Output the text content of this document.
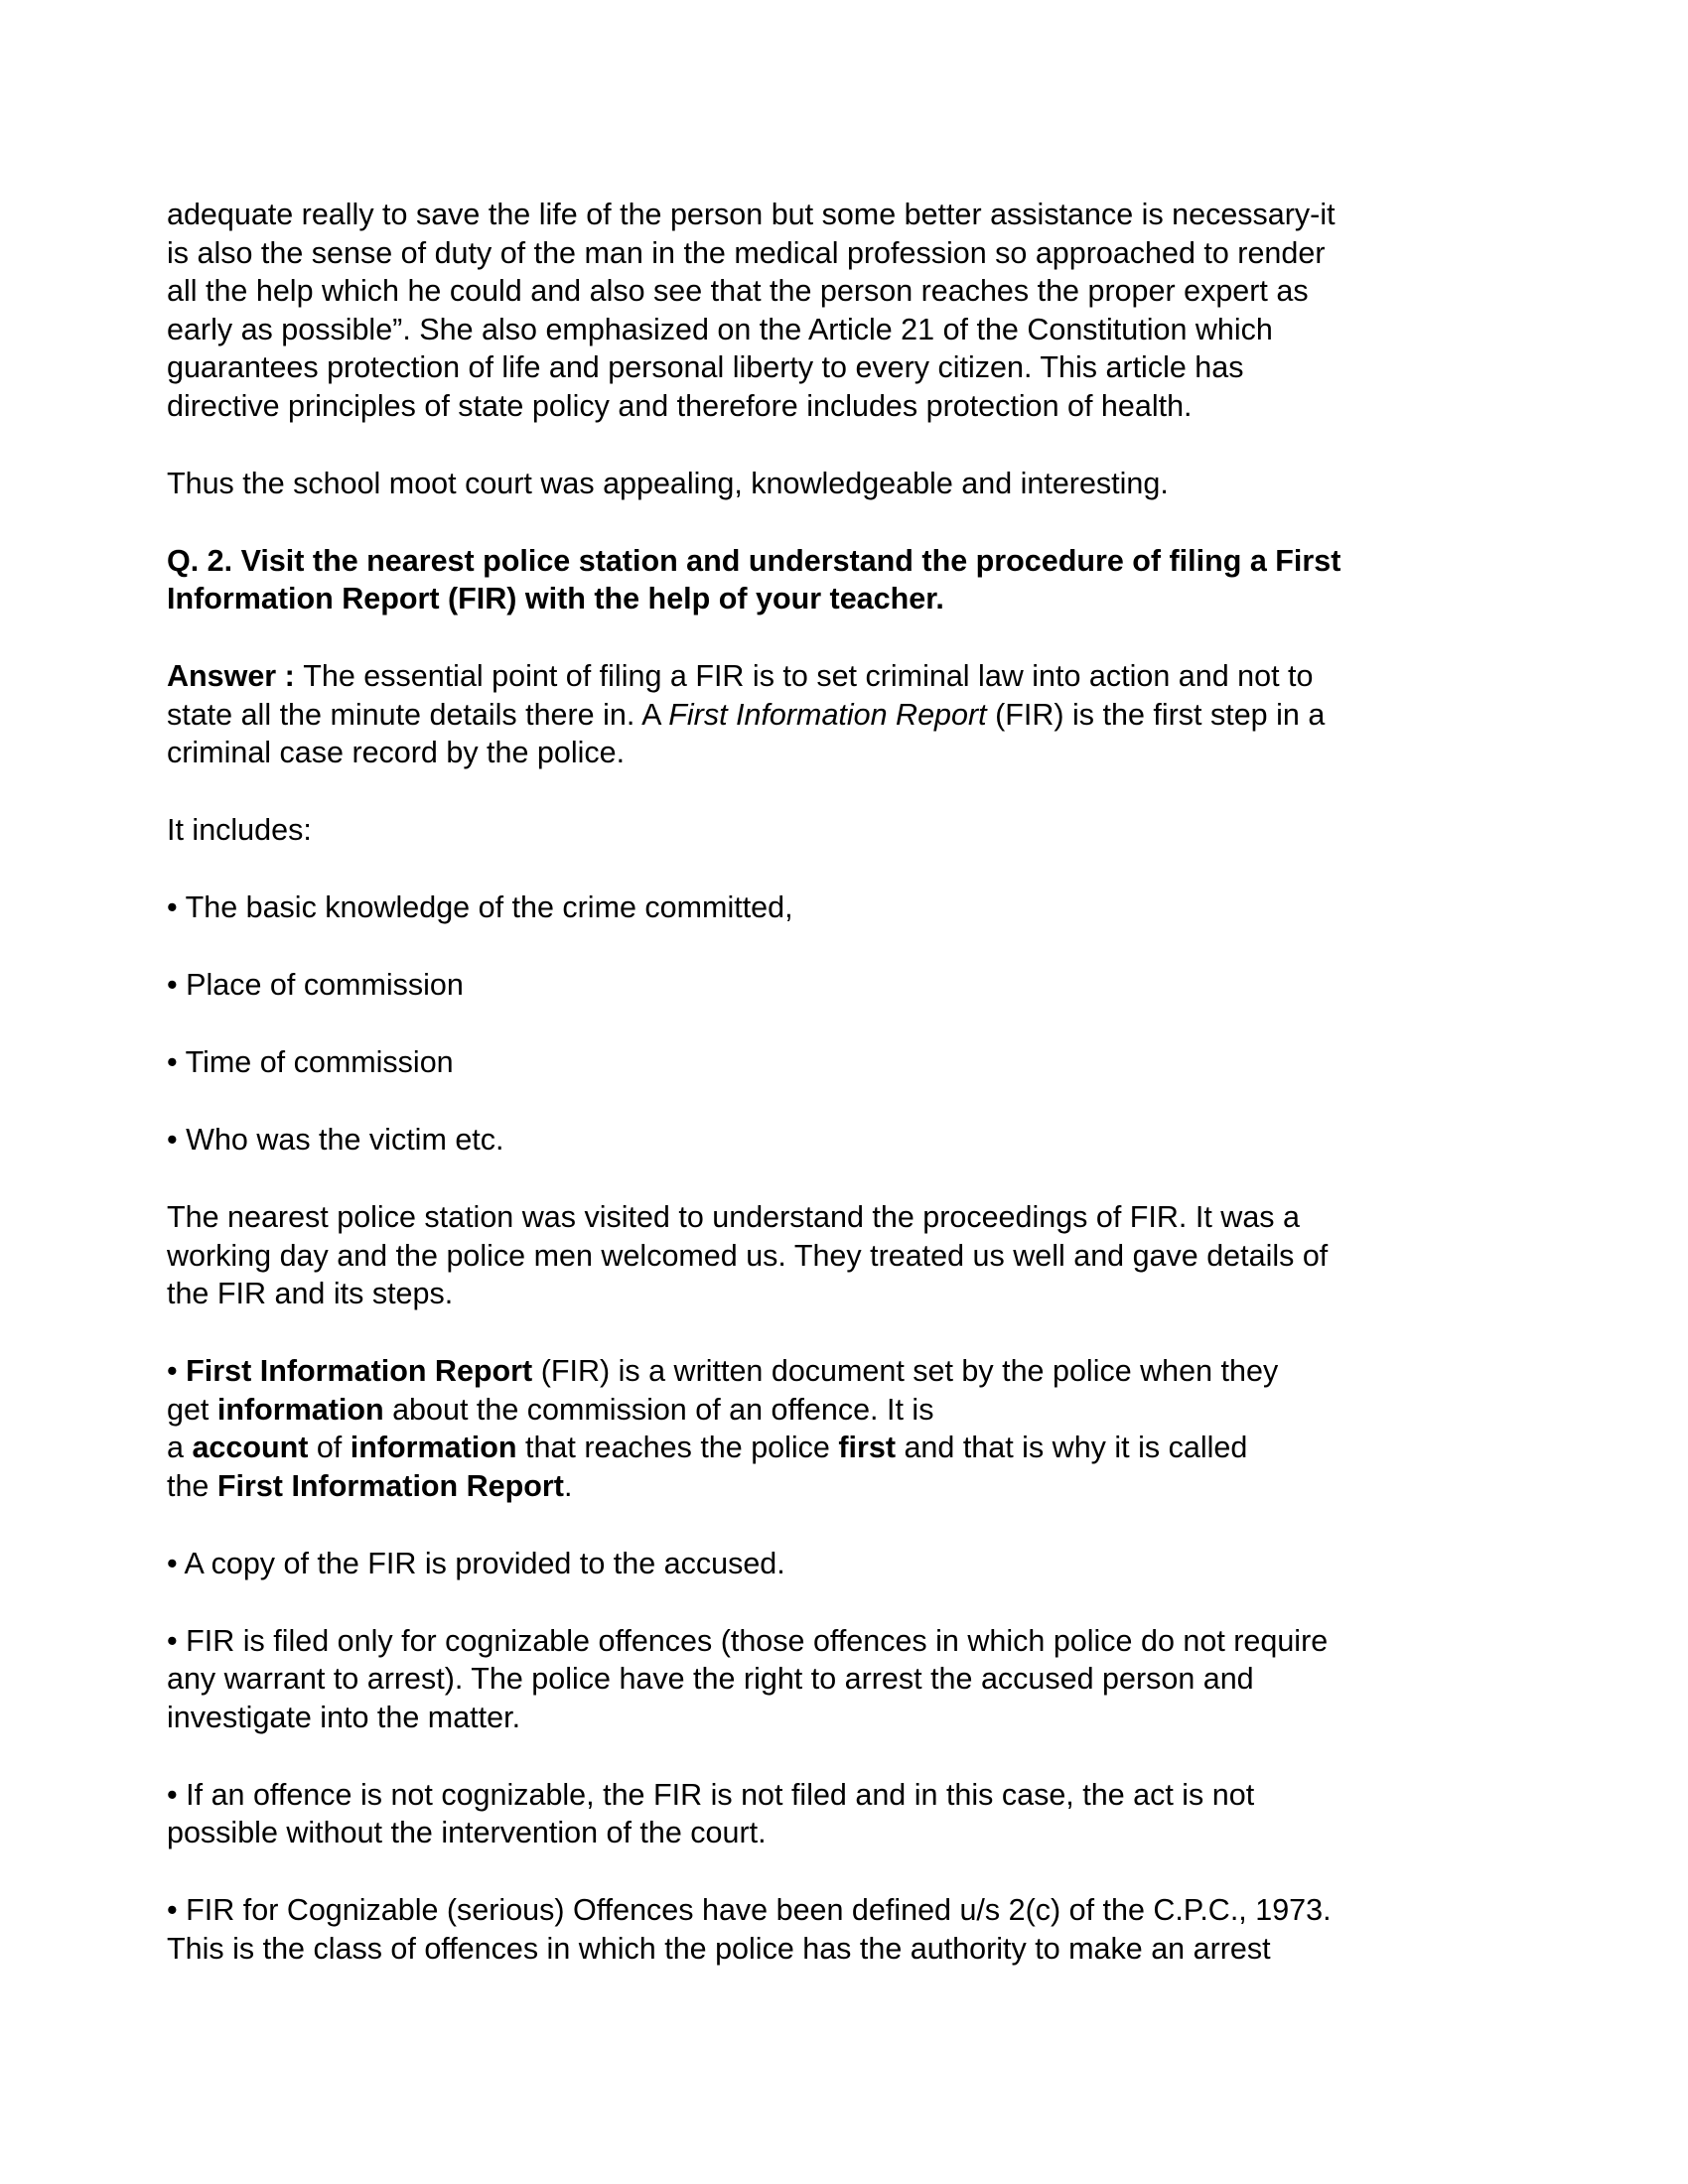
adequate really to save the life of the person but some better assistance is necessary-it
is also the sense of duty of the man in the medical profession so approached to render
all the help which he could and also see that the person reaches the proper expert as
early as possible”. She also emphasized on the Article 21 of the Constitution which
guarantees protection of life and personal liberty to every citizen. This article has
directive principles of state policy and therefore includes protection of health.

Thus the school moot court was appealing, knowledgeable and interesting.

Q. 2. Visit the nearest police station and understand the procedure of filing a First
Information Report (FIR) with the help of your teacher.

Answer : The essential point of filing a FIR is to set criminal law into action and not to
state all the minute details there in. A First Information Report (FIR) is the first step in a
criminal case record by the police.

It includes:

• The basic knowledge of the crime committed,

• Place of commission

• Time of commission

• Who was the victim etc.

The nearest police station was visited to understand the proceedings of FIR. It was a
working day and the police men welcomed us. They treated us well and gave details of
the FIR and its steps.

• First Information Report (FIR) is a written document set by the police when they
get information about the commission of an offence. It is
a account of information that reaches the police first and that is why it is called
the First Information Report.

• A copy of the FIR is provided to the accused.

• FIR is filed only for cognizable offences (those offences in which police do not require
any warrant to arrest). The police have the right to arrest the accused person and
investigate into the matter.

• If an offence is not cognizable, the FIR is not filed and in this case, the act is not
possible without the intervention of the court.

• FIR for Cognizable (serious) Offences have been defined u/s 2(c) of the C.P.C., 1973.
This is the class of offences in which the police has the authority to make an arrest
